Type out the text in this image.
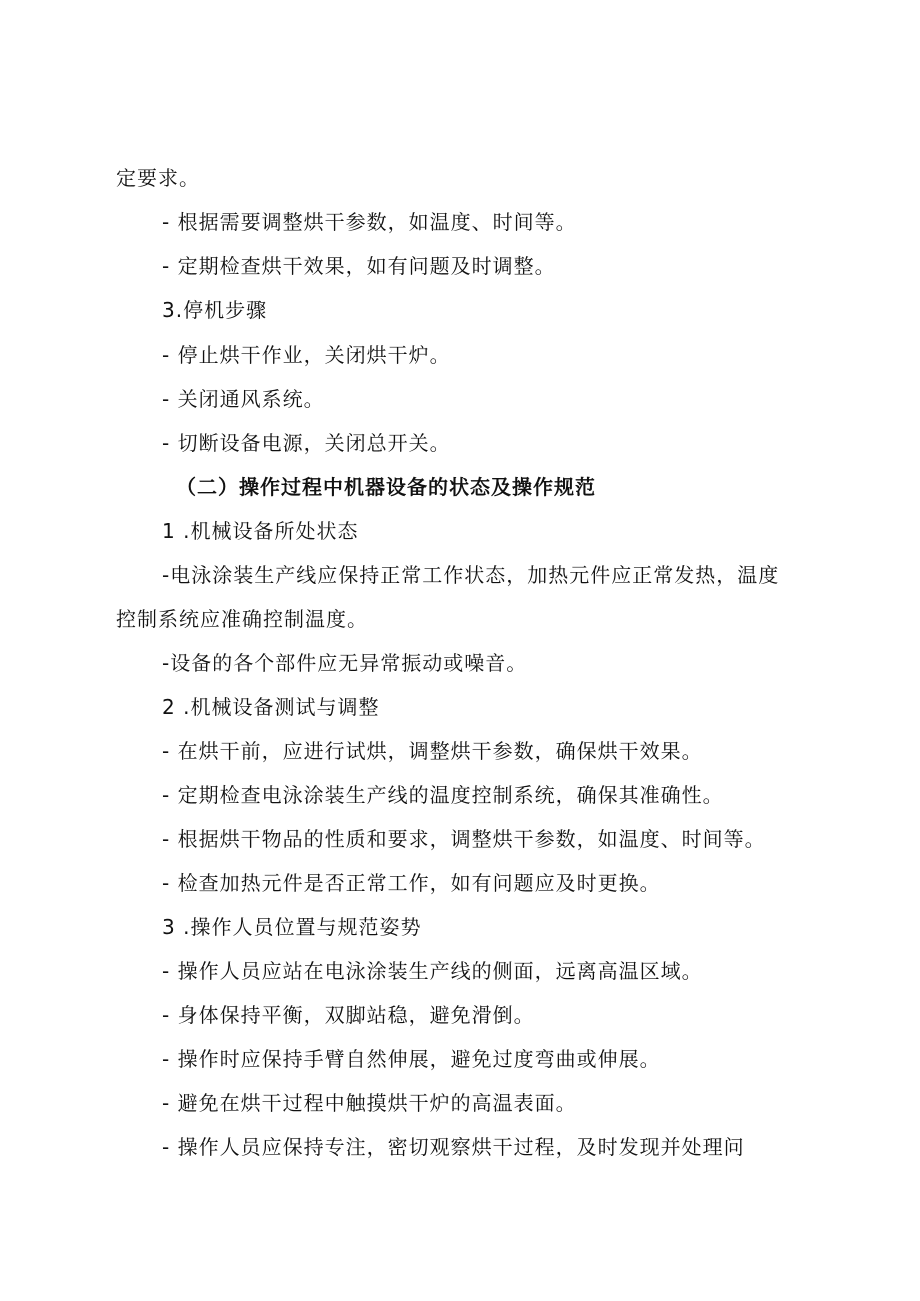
定要求。
- 根据需要调整烘干参数，如温度、时间等。
- 定期检查烘干效果，如有问题及时调整。
3.停机步骤
- 停止烘干作业，关闭烘干炉。
- 关闭通风系统。
- 切断设备电源，关闭总开关。
（二）操作过程中机器设备的状态及操作规范
1 .机械设备所处状态
-电泳涂装生产线应保持正常工作状态，加热元件应正常发热，温度
控制系统应准确控制温度。
-设备的各个部件应无异常振动或噪音。
2 .机械设备测试与调整
- 在烘干前，应进行试烘，调整烘干参数，确保烘干效果。
- 定期检查电泳涂装生产线的温度控制系统，确保其准确性。
- 根据烘干物品的性质和要求，调整烘干参数，如温度、时间等。
- 检查加热元件是否正常工作，如有问题应及时更换。
3 .操作人员位置与规范姿势
- 操作人员应站在电泳涂装生产线的侧面，远离高温区域。
- 身体保持平衡，双脚站稳，避免滑倒。
- 操作时应保持手臂自然伸展，避免过度弯曲或伸展。
- 避免在烘干过程中触摸烘干炉的高温表面。
- 操作人员应保持专注，密切观察烘干过程，及时发现并处理问
